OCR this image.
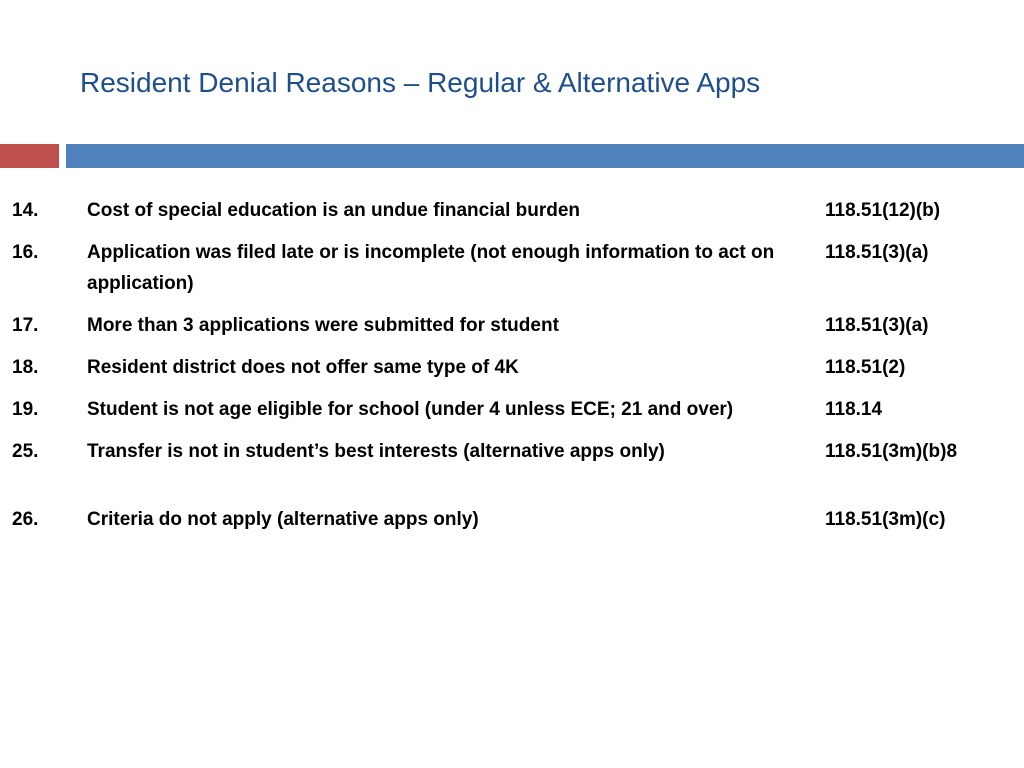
Resident Denial Reasons – Regular & Alternative Apps
14.	Cost of special education is an undue financial burden	118.51(12)(b)
16.	Application was filed late or is incomplete (not enough information to act on application)	118.51(3)(a)
17.	More than 3 applications were submitted for student	118.51(3)(a)
18.	Resident district does not offer same type of 4K	118.51(2)
19.	Student is not age eligible for school (under 4 unless ECE; 21 and over)	118.14
25.	Transfer is not in student’s best interests (alternative apps only)	118.51(3m)(b)8
26.	Criteria do not apply (alternative apps only)	118.51(3m)(c)
